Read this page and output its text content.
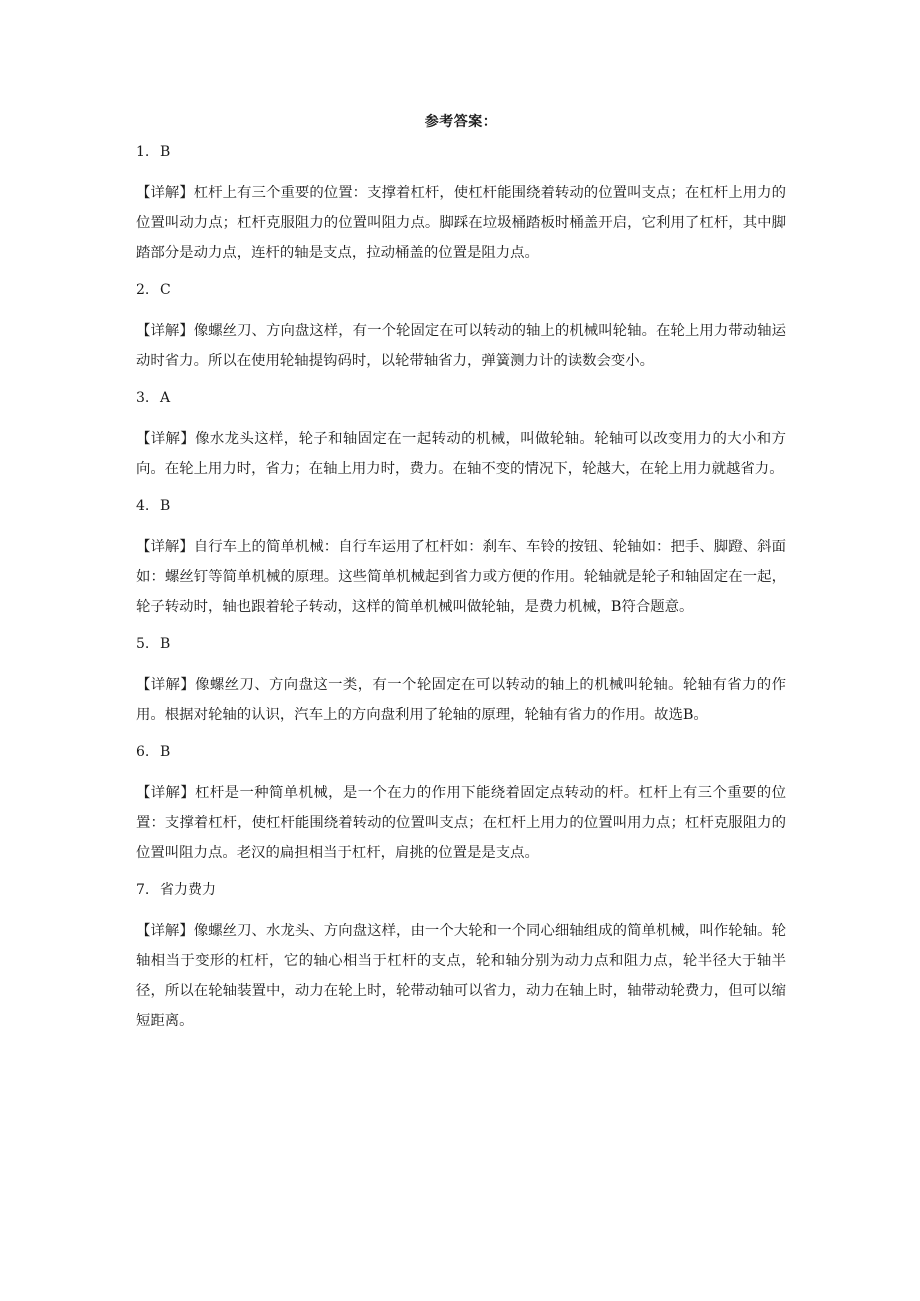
参考答案：
1. B
【详解】杠杆上有三个重要的位置：支撑着杠杆，使杠杆能围绕着转动的位置叫支点；在杠杆上用力的位置叫动力点；杠杆克服阻力的位置叫阻力点。脚踩在垃圾桶踏板时桶盖开启，它利用了杠杆，其中脚踏部分是动力点，连杆的轴是支点，拉动桶盖的位置是阻力点。
2. C
【详解】像螺丝刀、方向盘这样，有一个轮固定在可以转动的轴上的机械叫轮轴。在轮上用力带动轴运动时省力。所以在使用轮轴提钩码时，以轮带轴省力，弹簧测力计的读数会变小。
3. A
【详解】像水龙头这样，轮子和轴固定在一起转动的机械，叫做轮轴。轮轴可以改变用力的大小和方向。在轮上用力时，省力；在轴上用力时，费力。在轴不变的情况下，轮越大，在轮上用力就越省力。
4. B
【详解】自行车上的简单机械：自行车运用了杠杆如：刹车、车铃的按钮、轮轴如：把手、脚蹬、斜面如：螺丝钉等简单机械的原理。这些简单机械起到省力或方便的作用。轮轴就是轮子和轴固定在一起，轮子转动时，轴也跟着轮子转动，这样的简单机械叫做轮轴，是费力机械，B符合题意。
5. B
【详解】像螺丝刀、方向盘这一类，有一个轮固定在可以转动的轴上的机械叫轮轴。轮轴有省力的作用。根据对轮轴的认识，汽车上的方向盘利用了轮轴的原理，轮轴有省力的作用。故选B。
6. B
【详解】杠杆是一种简单机械，是一个在力的作用下能绕着固定点转动的杆。杠杆上有三个重要的位置：支撑着杠杆，使杠杆能围绕着转动的位置叫支点；在杠杆上用力的位置叫用力点；杠杆克服阻力的位置叫阻力点。老汉的扁担相当于杠杆，肩挑的位置是是支点。
7. 省力费力
【详解】像螺丝刀、水龙头、方向盘这样，由一个大轮和一个同心细轴组成的简单机械，叫作轮轴。轮轴相当于变形的杠杆，它的轴心相当于杠杆的支点，轮和轴分别为动力点和阻力点，轮半径大于轴半径，所以在轮轴装置中，动力在轮上时，轮带动轴可以省力，动力在轴上时，轴带动轮费力，但可以缩短距离。
